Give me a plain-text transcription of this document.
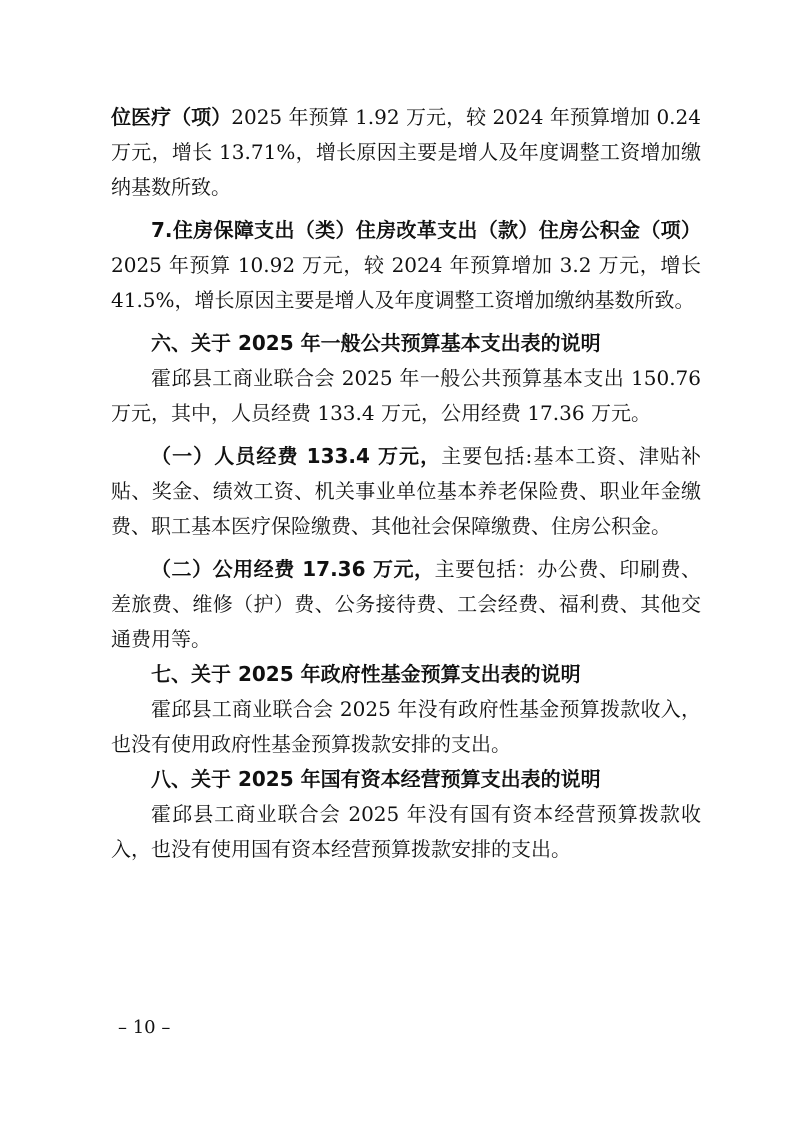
位医疗（项）2025 年预算 1.92 万元，较 2024 年预算增加 0.24 万元，增长 13.71%，增长原因主要是增人及年度调整工资增加缴纳基数所致。

7.住房保障支出（类）住房改革支出（款）住房公积金（项）2025 年预算 10.92 万元，较 2024 年预算增加 3.2 万元，增长 41.5%，增长原因主要是增人及年度调整工资增加缴纳基数所致。

六、关于 2025 年一般公共预算基本支出表的说明

霍邱县工商业联合会 2025 年一般公共预算基本支出 150.76 万元，其中，人员经费 133.4 万元，公用经费 17.36 万元。

（一）人员经费 133.4 万元，主要包括:基本工资、津贴补贴、奖金、绩效工资、机关事业单位基本养老保险费、职业年金缴费、职工基本医疗保险缴费、其他社会保障缴费、住房公积金。

（二）公用经费 17.36 万元，主要包括：办公费、印刷费、差旅费、维修（护）费、公务接待费、工会经费、福利费、其他交通费用等。

七、关于 2025 年政府性基金预算支出表的说明

霍邱县工商业联合会 2025 年没有政府性基金预算拨款收入，也没有使用政府性基金预算拨款安排的支出。

八、关于 2025 年国有资本经营预算支出表的说明

霍邱县工商业联合会 2025 年没有国有资本经营预算拨款收入，也没有使用国有资本经营预算拨款安排的支出。

– 10 –
